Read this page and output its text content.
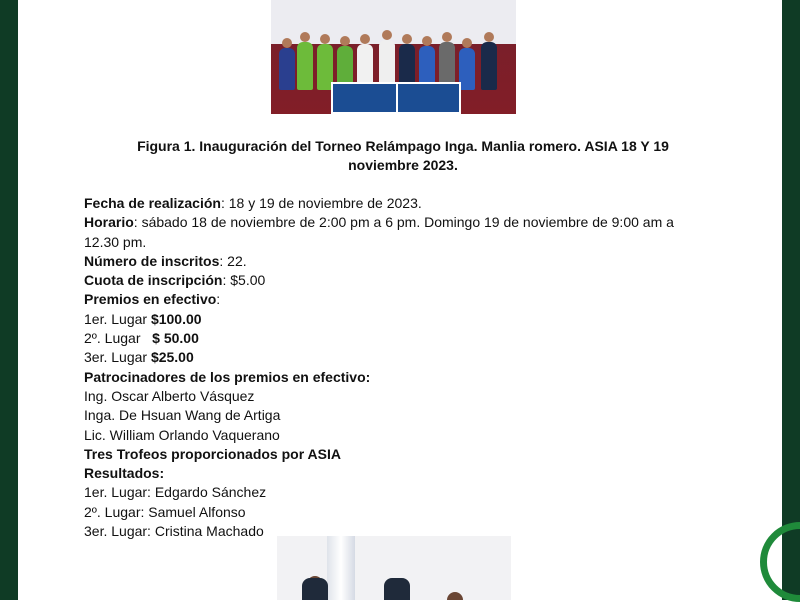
Figura 1. Inauguración del Torneo Relámpago Inga. Manlia romero. ASIA 18 Y 19
noviembre 2023.

Fecha de realización: 18 y 19 de noviembre de 2023.

Horario: sábado 18 de noviembre de 2:00 pm a 6 pm. Domingo 19 de noviembre de 9:00 am a

12.30 pm.

Número de inscritos: 22.

Cuota de inscripción: $5.00

Premios en efectivo:

1er. Lugar $100.00

2º. Lugar   $ 50.00

3er. Lugar $25.00

Patrocinadores de los premios en efectivo:

Ing. Oscar Alberto Vásquez

Inga. De Hsuan Wang de Artiga

Lic. William Orlando Vaquerano

Tres Trofeos proporcionados por ASIA

Resultados:

1er. Lugar: Edgardo Sánchez

2º. Lugar: Samuel Alfonso

3er. Lugar: Cristina Machado
